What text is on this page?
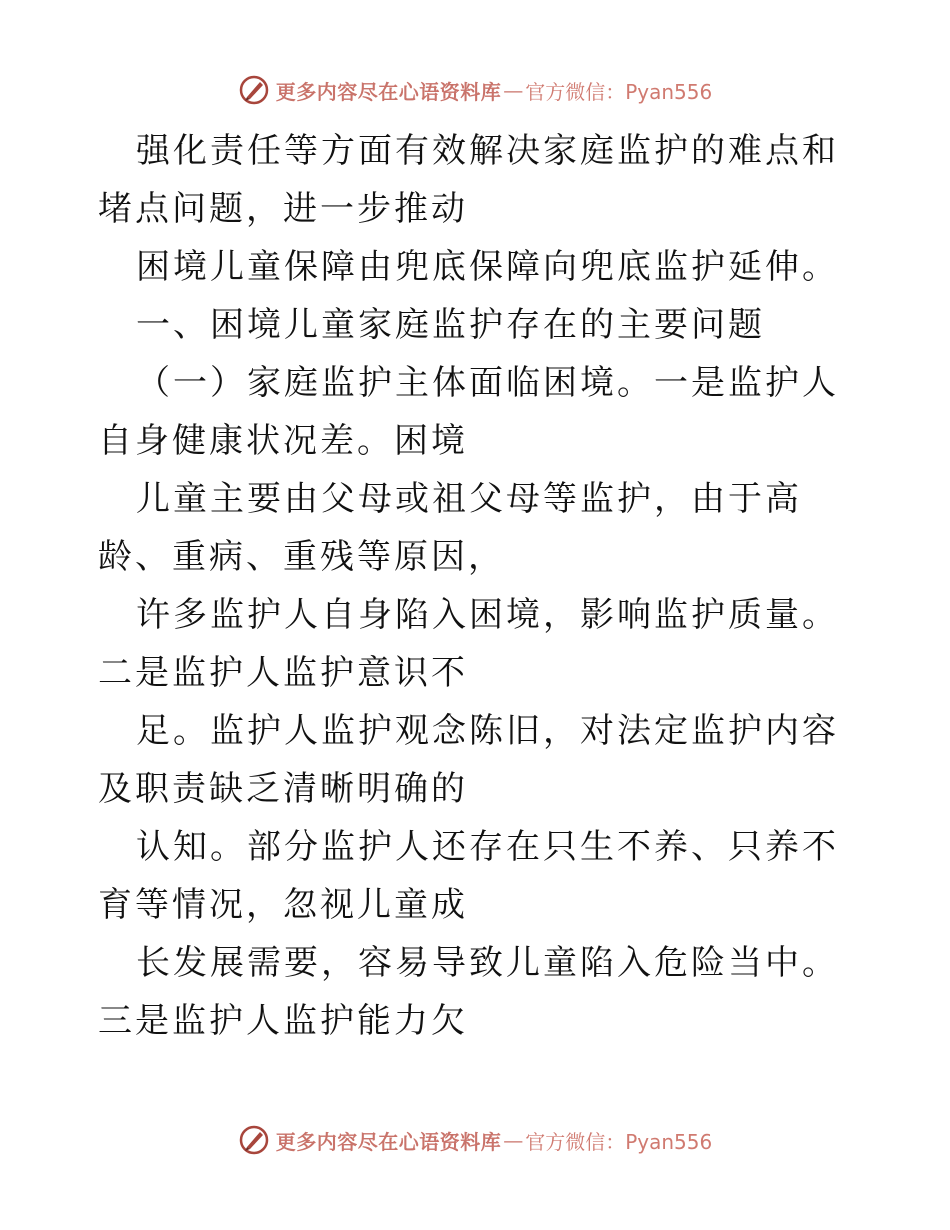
更多内容尽在心语资料库 — 官方微信：Pyan556

强化责任等方面有效解决家庭监护的难点和堵点问题，进一步推动

困境儿童保障由兜底保障向兜底监护延伸。

一、困境儿童家庭监护存在的主要问题

（一）家庭监护主体面临困境。一是监护人自身健康状况差。困境

儿童主要由父母或祖父母等监护，由于高龄、重病、重残等原因，

许多监护人自身陷入困境，影响监护质量。二是监护人监护意识不

足。监护人监护观念陈旧，对法定监护内容及职责缺乏清晰明确的

认知。部分监护人还存在只生不养、只养不育等情况，忽视儿童成

长发展需要，容易导致儿童陷入危险当中。三是监护人监护能力欠

更多内容尽在心语资料库 — 官方微信：Pyan556
